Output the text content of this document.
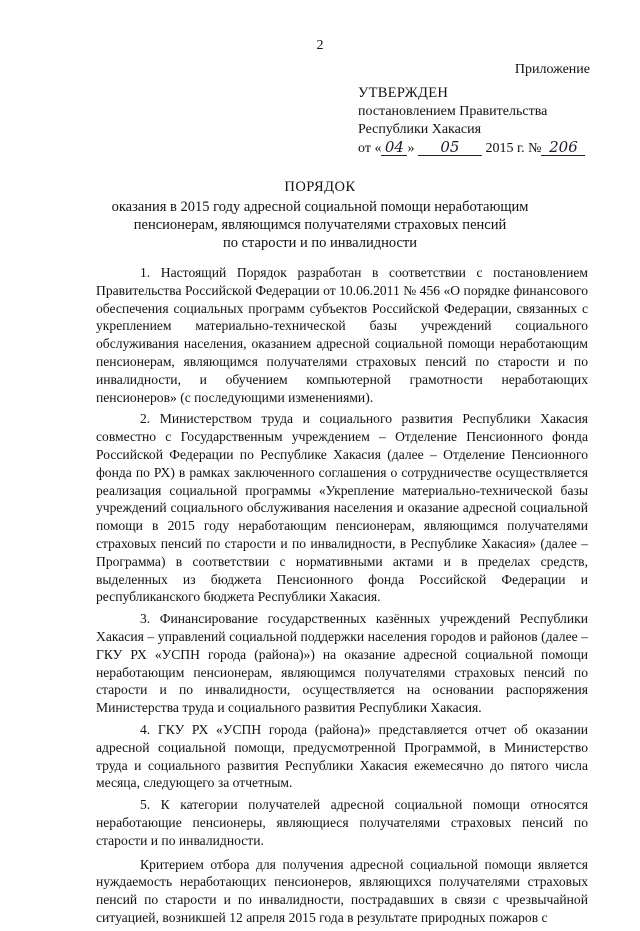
2
Приложение
УТВЕРЖДЕН
постановлением Правительства
Республики Хакасия
от « 04 » 05 2015 г. № 206
ПОРЯДОК
оказания в 2015 году адресной социальной помощи неработающим
пенсионерам, являющимся получателями страховых пенсий
по старости и по инвалидности

1. Настоящий Порядок разработан в соответствии с постановлением Правительства Российской Федерации от 10.06.2011 № 456 «О порядке финансового обеспечения социальных программ субъектов Российской Федерации, связанных с укреплением материально-технической базы учреждений социального обслуживания населения, оказанием адресной социальной помощи неработающим пенсионерам, являющимся получателями страховых пенсий по старости и по инвалидности, и обучением компьютерной грамотности неработающих пенсионеров» (с последующими изменениями).

2. Министерством труда и социального развития Республики Хакасия совместно с Государственным учреждением – Отделение Пенсионного фонда Российской Федерации по Республике Хакасия (далее – Отделение Пенсионного фонда по РХ) в рамках заключенного соглашения о сотрудничестве осуществляется реализация социальной программы «Укрепление материально-технической базы учреждений социального обслуживания населения и оказание адресной социальной помощи в 2015 году неработающим пенсионерам, являющимся получателями страховых пенсий по старости и по инвалидности, в Республике Хакасия» (далее – Программа) в соответствии с нормативными актами и в пределах средств, выделенных из бюджета Пенсионного фонда Российской Федерации и республиканского бюджета Республики Хакасия.

3. Финансирование государственных казённых учреждений Республики Хакасия – управлений социальной поддержки населения городов и районов (далее – ГКУ РХ «УСПН города (района)») на оказание адресной социальной помощи неработающим пенсионерам, являющимся получателями страховых пенсий по старости и по инвалидности, осуществляется на основании распоряжения Министерства труда и социального развития Республики Хакасия.

4. ГКУ РХ «УСПН города (района)» представляется отчет об оказании адресной социальной помощи, предусмотренной Программой, в Министерство труда и социального развития Республики Хакасия ежемесячно до пятого числа месяца, следующего за отчетным.

5. К категории получателей адресной социальной помощи относятся неработающие пенсионеры, являющиеся получателями страховых пенсий по старости и по инвалидности.

Критерием отбора для получения адресной социальной помощи является нуждаемость неработающих пенсионеров, являющихся получателями страховых пенсий по старости и по инвалидности, пострадавших в связи с чрезвычайной ситуацией, возникшей 12 апреля 2015 года в результате природных пожаров с
